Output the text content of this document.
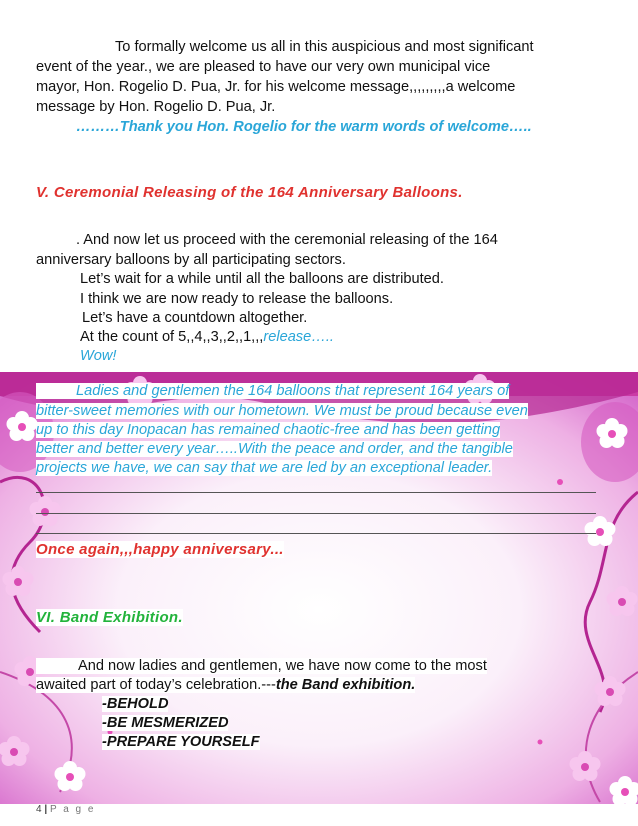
To formally welcome us all in this auspicious and most significant
event of the year., we are pleased to have our very own municipal vice
mayor, Hon. Rogelio D. Pua, Jr. for his welcome message,,,,,,,,,a welcome
message by Hon. Rogelio D. Pua, Jr.
………Thank you Hon. Rogelio for the warm words of welcome…..
V. Ceremonial Releasing of the 164 Anniversary Balloons.
. And now let us proceed with the ceremonial releasing of the 164
anniversary balloons by all participating sectors.
Let’s wait for a while until all the balloons are distributed.
I think we are now ready to release the balloons.
Let’s have a countdown altogether.
At the count of 5,,4,,3,,2,,1,,,release…..
Wow!
Ladies and gentlemen the 164 balloons that represent 164 years of
bitter-sweet memories with our hometown. We must be proud because even
up to this day Inopacan has remained chaotic-free and has been getting
better and better every year…..With the peace and order, and the tangible
projects we have, we can say that we are led by an exceptional leader.
Once again,,,happy anniversary...
VI. Band Exhibition.
And now ladies and gentlemen, we have now come to the most
awaited part of today’s celebration.---the Band exhibition.
-BEHOLD
-BE MESMERIZED
-PREPARE YOURSELF
4 | P a g e
